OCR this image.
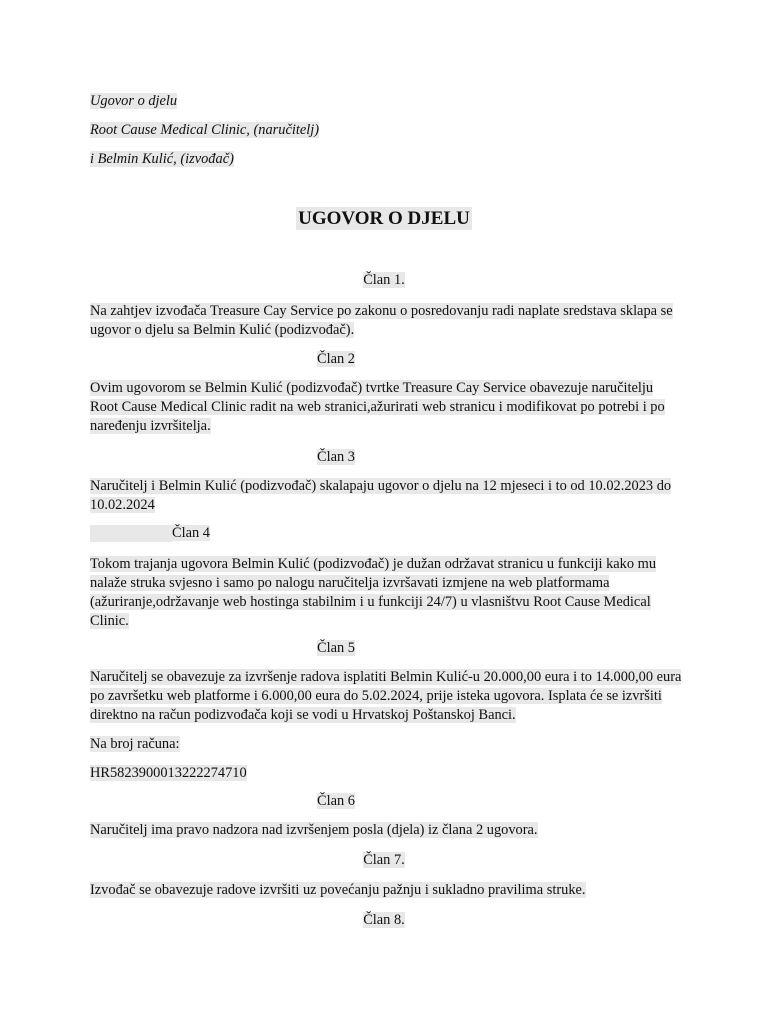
Ugovor o djelu
Root Cause Medical Clinic, (naručitelj)
i Belmin Kulić, (izvođač)
UGOVOR O DJELU
Član 1.
Na zahtjev izvođača Treasure Cay Service po zakonu o posredovanju radi naplate sredstava sklapa se ugovor o djelu sa Belmin Kulić (podizvođač).
Član 2
Ovim ugovorom se Belmin Kulić (podizvođač) tvrtke Treasure Cay Service obavezuje naručitelju Root Cause Medical Clinic radit na web stranici,ažurirati web stranicu i modifikovat po potrebi i po naređenju izvršitelja.
Član 3
Naručitelj i Belmin Kulić (podizvođač) skalapaju ugovor o djelu na 12 mjeseci i to od 10.02.2023 do 10.02.2024
Član 4
Tokom trajanja ugovora Belmin Kulić (podizvođač) je dužan održavat stranicu u funkciji kako mu nalaže struka svjesno i samo po nalogu naručitelja izvršavati izmjene na web platformama (ažuriranje,održavanje web hostinga stabilnim i u funkciji 24/7) u vlasništvu Root Cause Medical Clinic.
Član 5
Naručitelj se obavezuje za izvršenje radova isplatiti Belmin Kulić-u 20.000,00 eura i to 14.000,00 eura po završetku web platforme i 6.000,00 eura do 5.02.2024, prije isteka ugovora. Isplata će se izvršiti direktno na račun podizvođača koji se vodi u Hrvatskoj Poštanskoj Banci.
Na broj računa:
HR5823900013222274710
Član 6
Naručitelj ima pravo nadzora nad izvršenjem posla (djela) iz člana 2 ugovora.
Član 7.
Izvođač se obavezuje radove izvršiti uz povećanju pažnju i sukladno pravilima struke.
Član 8.
